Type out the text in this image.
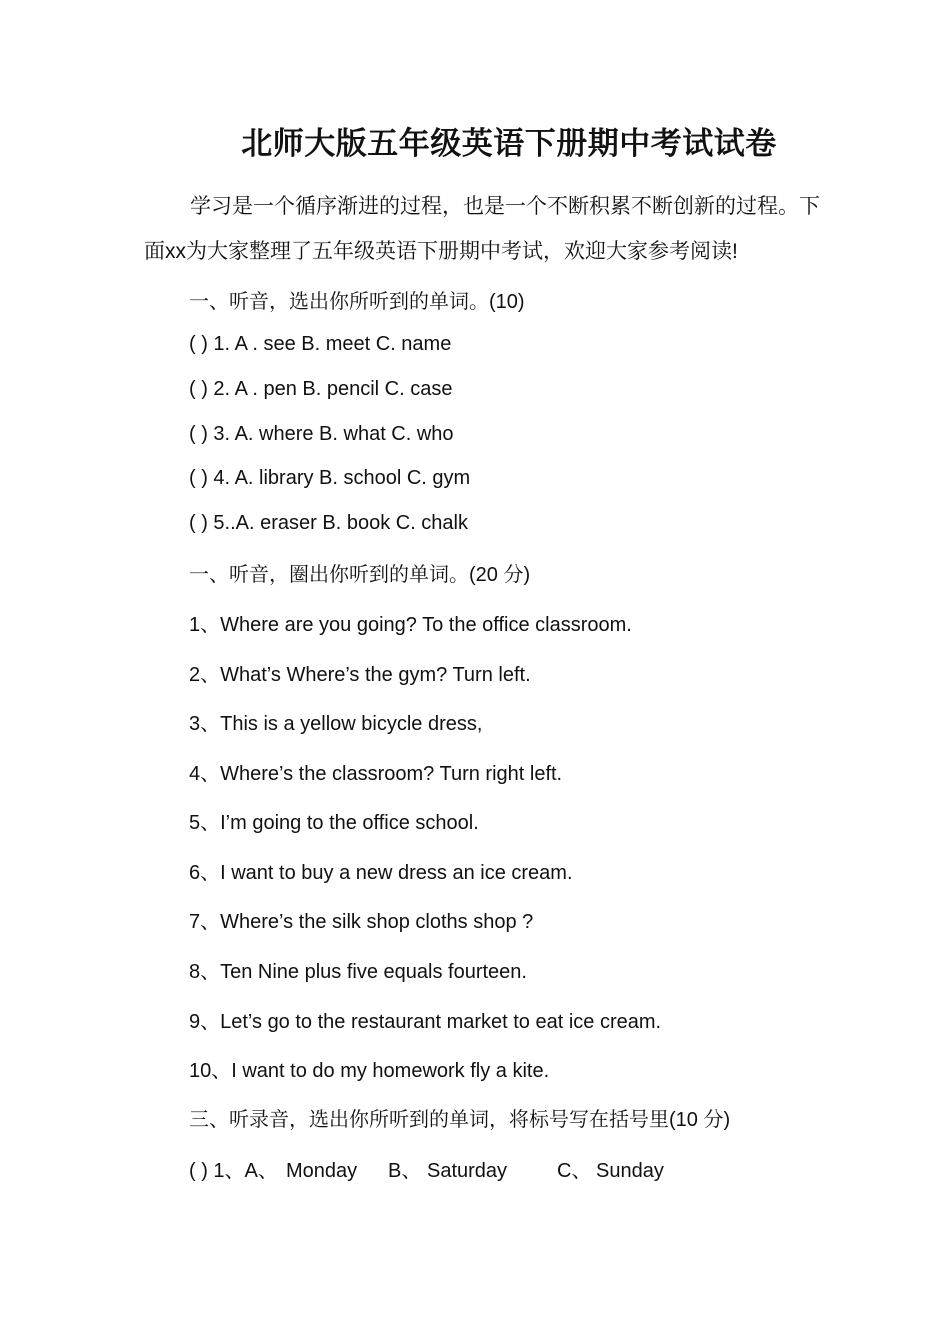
北师大版五年级英语下册期中考试试卷
学习是一个循序渐进的过程，也是一个不断积累不断创新的过程。下面xx为大家整理了五年级英语下册期中考试，欢迎大家参考阅读!
一、听音，选出你所听到的单词。(10)
( ) 1. A . see B. meet C. name
( ) 2. A . pen B. pencil C. case
( ) 3. A. where B. what C. who
( ) 4. A. library B. school C. gym
( ) 5..A. eraser B. book C. chalk
一、听音，圈出你听到的单词。(20 分)
1、Where are you going? To the office classroom.
2、What’s Where’s the gym? Turn left.
3、This is a yellow bicycle dress,
4、Where’s the classroom? Turn right left.
5、I’m going to the office school.
6、I want to buy a new dress an ice cream.
7、Where’s the silk shop cloths shop ?
8、Ten Nine plus five equals fourteen.
9、Let’s go to the restaurant market to eat ice cream.
10、I want to do my homework fly a kite.
三、听录音，选出你所听到的单词，将标号写在括号里(10 分)
( ) 1、A、 Monday B、 Saturday C、 Sunday
